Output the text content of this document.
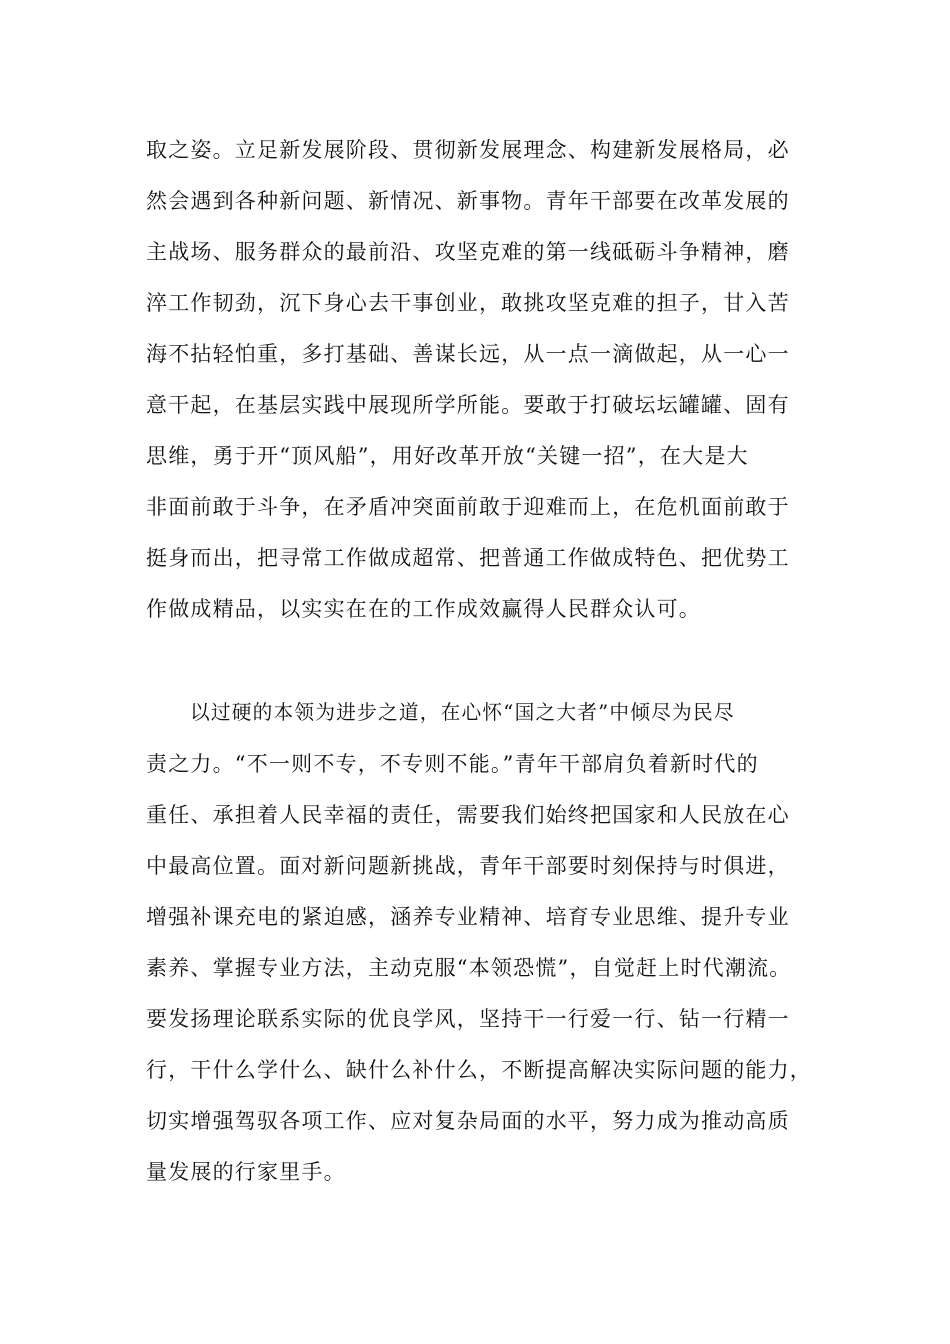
取之姿。立足新发展阶段、贯彻新发展理念、构建新发展格局，必
然会遇到各种新问题、新情况、新事物。青年干部要在改革发展的
主战场、服务群众的最前沿、攻坚克难的第一线砥砺斗争精神，磨
淬工作韧劲，沉下身心去干事创业，敢挑攻坚克难的担子，甘入苦
海不拈轻怕重，多打基础、善谋长远，从一点一滴做起，从一心一
意干起，在基层实践中展现所学所能。要敢于打破坛坛罐罐、固有
思维，勇于开“顶风船”，用好改革开放“关键一招”，在大是大
非面前敢于斗争，在矛盾冲突面前敢于迎难而上，在危机面前敢于
挺身而出，把寻常工作做成超常、把普通工作做成特色、把优势工
作做成精品，以实实在在的工作成效赢得人民群众认可。
以过硬的本领为进步之道，在心怀“国之大者”中倾尽为民尽
责之力。“不一则不专，不专则不能。”青年干部肩负着新时代的
重任、承担着人民幸福的责任，需要我们始终把国家和人民放在心
中最高位置。面对新问题新挑战，青年干部要时刻保持与时俱进，
增强补课充电的紧迫感，涵养专业精神、培育专业思维、提升专业
素养、掌握专业方法，主动克服“本领恐慌”，自觉赶上时代潮流。
要发扬理论联系实际的优良学风，坚持干一行爱一行、钻一行精一
行，干什么学什么、缺什么补什么，不断提高解决实际问题的能力，
切实增强驾驭各项工作、应对复杂局面的水平，努力成为推动高质
量发展的行家里手。
